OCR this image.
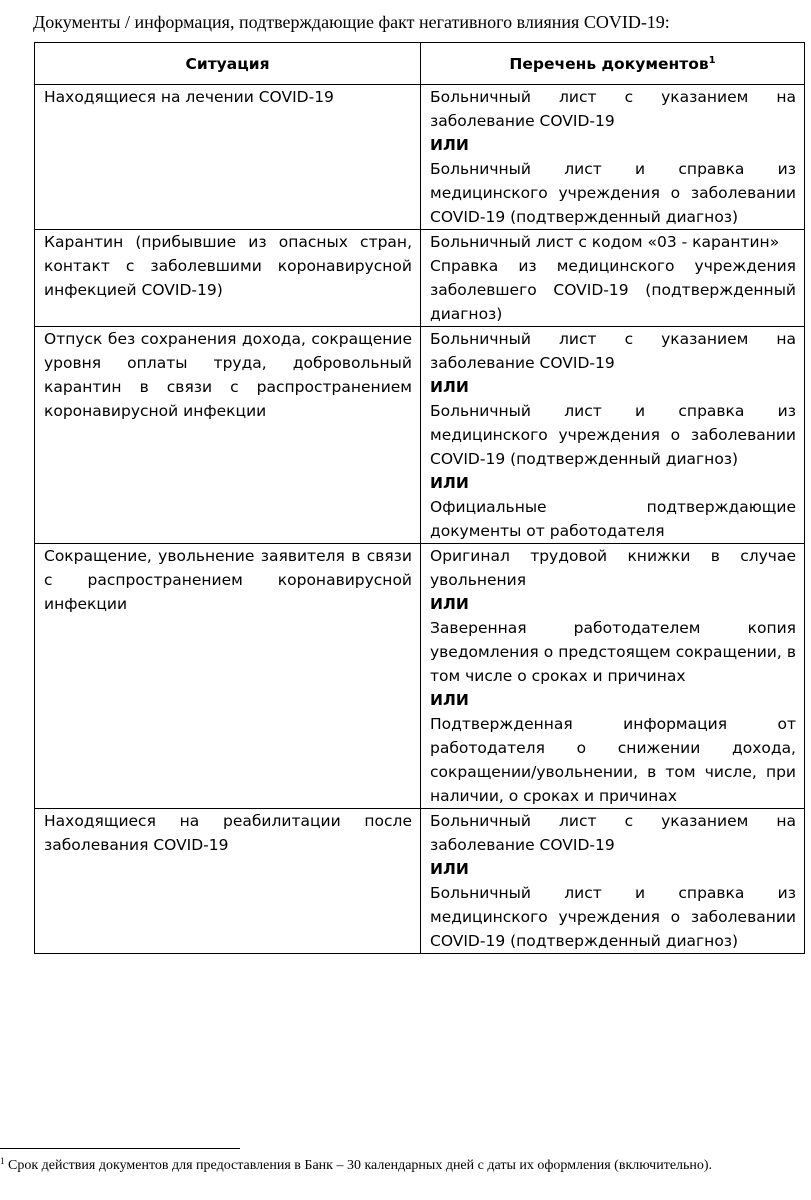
Документы / информация, подтверждающие факт негативного влияния COVID-19:
Ситуация	Перечень документов$^1$
Находящиеся на лечении COVID-19	Больничный лист с указанием на заболевание COVID-19
ИЛИ
Больничный лист и справка из медицинского учреждения о заболевании COVID-19 (подтвержденный диагноз)

Карантин (прибывшие из опасных стран, контакт с заболевшими коронавирусной инфекцией COVID-19)	Больничный лист с кодом «03 - карантин»
Справка из медицинского учреждения заболевшего COVID-19 (подтвержденный диагноз)

Отпуск без сохранения дохода, сокращение уровня оплаты труда, добровольный карантин в связи с распространением коронавирусной инфекции	Больничный лист с указанием на заболевание COVID-19
ИЛИ
Больничный лист и справка из медицинского учреждения о заболевании COVID-19 (подтвержденный диагноз)
ИЛИ
Официальные подтверждающие документы от работодателя

Сокращение, увольнение заявителя в связи с распространением коронавирусной инфекции	Оригинал трудовой книжки в случае увольнения
ИЛИ
Заверенная работодателем копия уведомления о предстоящем сокращении, в том числе о сроках и причинах
ИЛИ
Подтвержденная информация от работодателя о снижении дохода, сокращении/увольнении, в том числе, при наличии, о сроках и причинах

Находящиеся на реабилитации после заболевания COVID-19	Больничный лист с указанием на заболевание COVID-19
ИЛИ
Больничный лист и справка из медицинского учреждения о заболевании COVID-19 (подтвержденный диагноз)
$^1$ Срок действия документов для предоставления в Банк – 30 календарных дней с даты их оформления (включительно).
